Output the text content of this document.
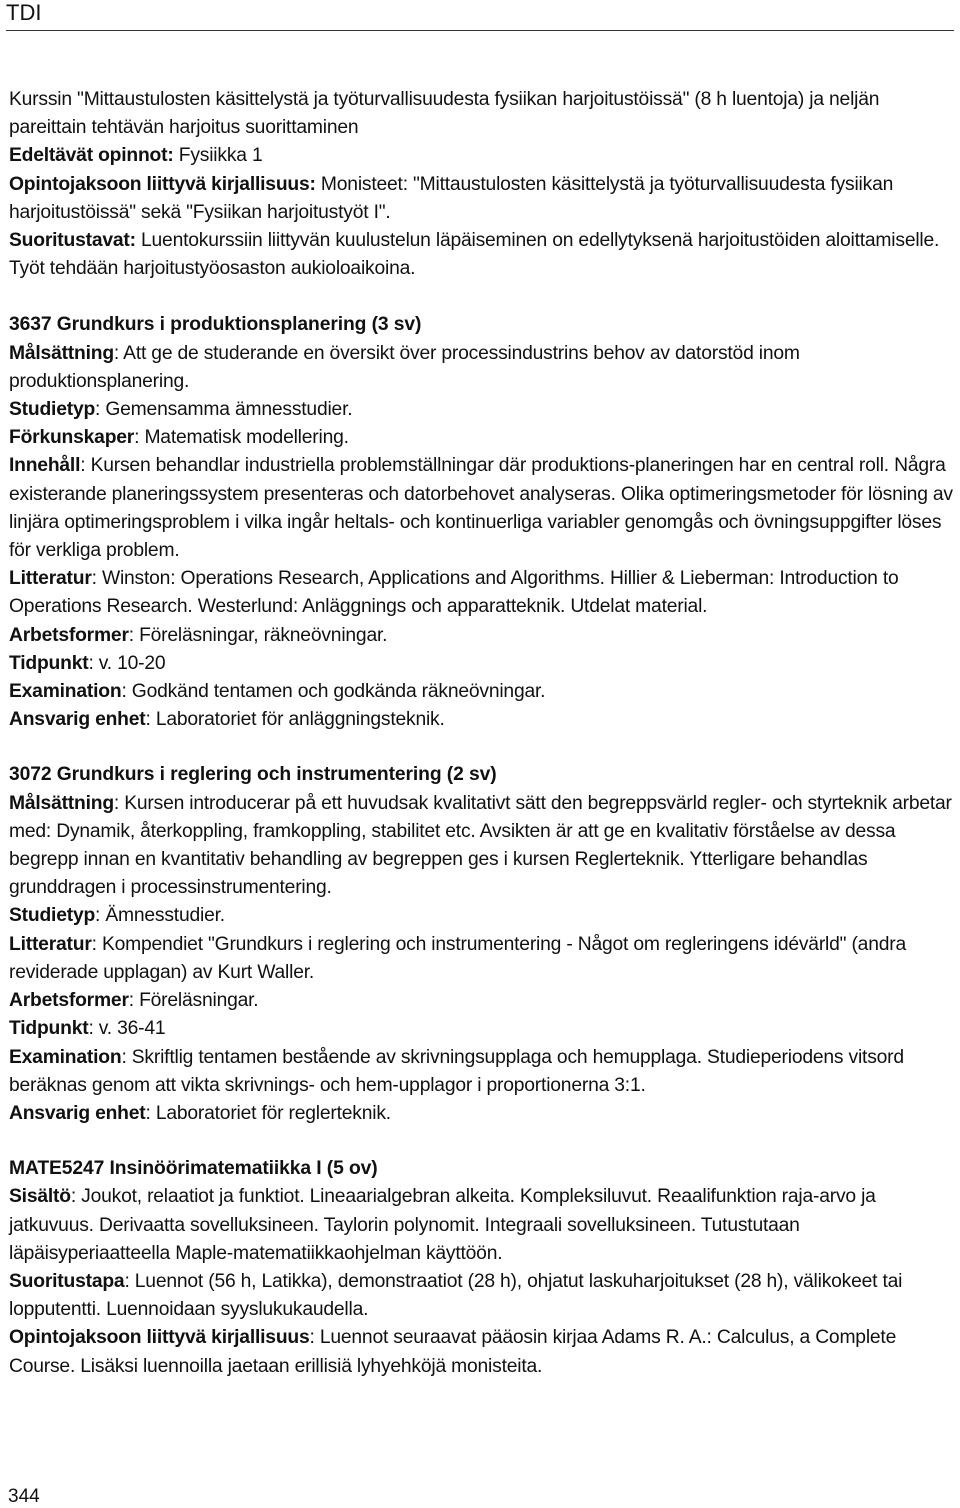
TDI
Kurssin "Mittaustulosten käsittelystä ja työturvallisuudesta fysiikan harjoitustöissä" (8 h luentoja) ja neljän pareittain tehtävän harjoitus suorittaminen
Edeltävät opinnot: Fysiikka 1
Opintojaksoon liittyvä kirjallisuus: Monisteet: "Mittaustulosten käsittelystä ja työturvallisuudesta fysiikan harjoitustöissä" sekä "Fysiikan harjoitustyöt I".
Suoritustavat: Luentokurssiin liittyvän kuulustelun läpäiseminen on edellytyksenä harjoitustöiden aloittamiselle. Työt tehdään harjoitustyöosaston aukioloaikoina.
3637 Grundkurs i produktionsplanering (3 sv)
Målsättning: Att ge de studerande en översikt över processindustrins behov av datorstöd inom produktionsplanering.
Studietyp: Gemensamma ämnesstudier.
Förkunskaper: Matematisk modellering.
Innehåll: Kursen behandlar industriella problemställningar där produktions-planeringen har en central roll. Några existerande planeringssystem presenteras och datorbehovet analyseras. Olika optimeringsmetoder för lösning av linjära optimeringsproblem i vilka ingår heltals- och kontinuerliga variabler genomgås och övningsuppgifter löses för verkliga problem.
Litteratur: Winston: Operations Research, Applications and Algorithms. Hillier & Lieberman: Introduction to Operations Research. Westerlund: Anläggnings och apparatteknik. Utdelat material.
Arbetsformer: Föreläsningar, räkneövningar.
Tidpunkt: v. 10-20
Examination: Godkänd tentamen och godkända räkneövningar.
Ansvarig enhet: Laboratoriet för anläggningsteknik.
3072 Grundkurs i reglering och instrumentering (2 sv)
Målsättning: Kursen introducerar på ett huvudsak kvalitativt sätt den begreppsvärld regler- och styrteknik arbetar med: Dynamik, återkoppling, framkoppling, stabilitet etc. Avsikten är att ge en kvalitativ förståelse av dessa begrepp innan en kvantitativ behandling av begreppen ges i kursen Reglerteknik. Ytterligare behandlas grunddragen i processinstrumentering.
Studietyp: Ämnesstudier.
Litteratur: Kompendiet "Grundkurs i reglering och instrumentering - Något om regleringens idévärld" (andra reviderade upplagan) av Kurt Waller.
Arbetsformer: Föreläsningar.
Tidpunkt: v. 36-41
Examination: Skriftlig tentamen bestående av skrivningsupplaga och hemupplaga. Studieperiodens vitsord beräknas genom att vikta skrivnings- och hem-upplagor i proportionerna 3:1.
Ansvarig enhet: Laboratoriet för reglerteknik.
MATE5247 Insinöörimatematiikka I (5 ov)
Sisältö: Joukot, relaatiot ja funktiot. Lineaarialgebran alkeita. Kompleksiluvut. Reaalifunktion raja-arvo ja jatkuvuus. Derivaatta sovelluksineen. Taylorin polynomit. Integraali sovelluksineen. Tutustutaan läpäisyperiaatteella Maple-matematiikkaohjelman käyttöön.
Suoritustapa: Luennot (56 h, Latikka), demonstraatiot (28 h), ohjatut laskuharjoitukset (28 h), välikokeet tai lopputentti. Luennoidaan syyslukukaudella.
Opintojaksoon liittyvä kirjallisuus: Luennot seuraavat pääosin kirjaa Adams R. A.: Calculus, a Complete Course. Lisäksi luennoilla jaetaan erillisiä lyhyehköjä monisteita.
344
